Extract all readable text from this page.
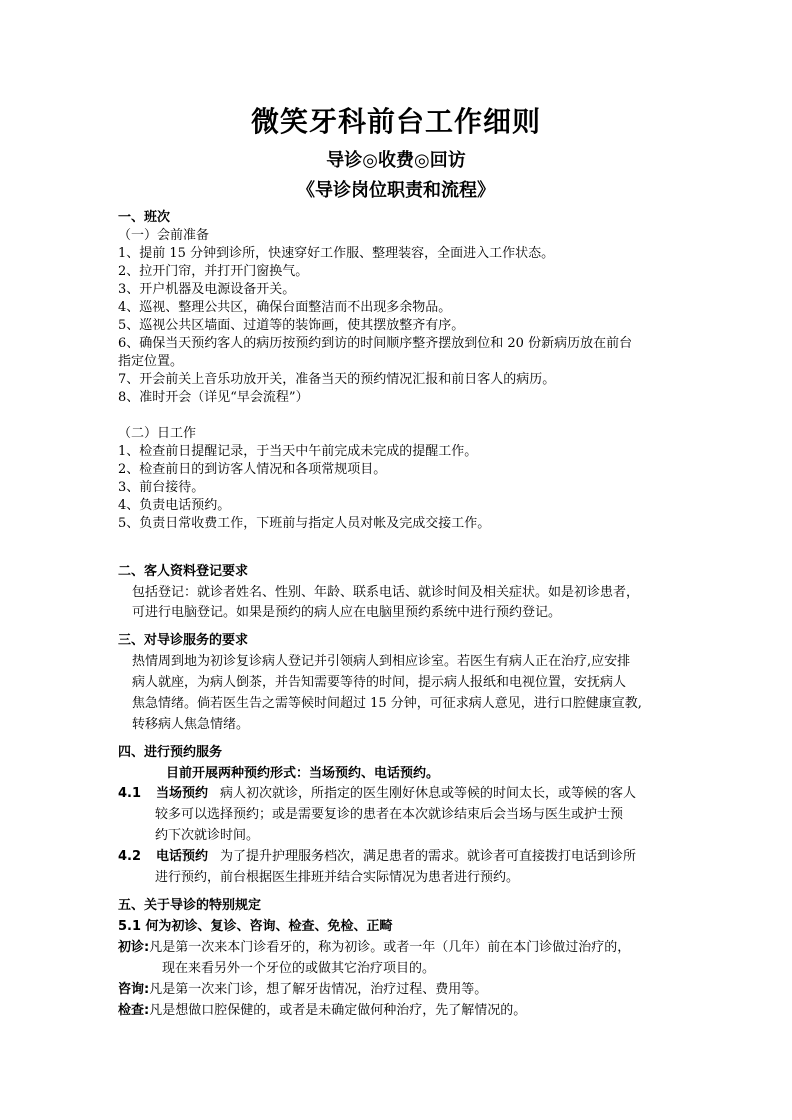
微笑牙科前台工作细则
导诊◎收费◎回访
《导诊岗位职责和流程》
一、班次
（一）会前准备
1、提前 15 分钟到诊所，快速穿好工作服、整理装容，全面进入工作状态。
2、拉开门帘，并打开门窗换气。
3、开户机器及电源设备开关。
4、巡视、整理公共区，确保台面整洁而不出现多余物品。
5、巡视公共区墙面、过道等的装饰画，使其摆放整齐有序。
6、确保当天预约客人的病历按预约到访的时间顺序整齐摆放到位和 20 份新病历放在前台
指定位置。
7、开会前关上音乐功放开关，准备当天的预约情况汇报和前日客人的病历。
8、准时开会（详见“早会流程”）
（二）日工作
1、检查前日提醒记录，于当天中午前完成未完成的提醒工作。
2、检查前日的到访客人情况和各项常规项目。
3、前台接待。
4、负责电话预约。
5、负责日常收费工作，下班前与指定人员对帐及完成交接工作。
二、客人资料登记要求
包括登记：就诊者姓名、性别、年龄、联系电话、就诊时间及相关症状。如是初诊患者，
可进行电脑登记。如果是预约的病人应在电脑里预约系统中进行预约登记。
三、对导诊服务的要求
热情周到地为初诊复诊病人登记并引领病人到相应诊室。若医生有病人正在治疗,应安排
病人就座，为病人倒茶，并告知需要等待的时间，提示病人报纸和电视位置，安抚病人
焦急情绪。倘若医生告之需等候时间超过 15 分钟，可征求病人意见，进行口腔健康宣教,
转移病人焦急情绪。
四、进行预约服务
目前开展两种预约形式：当场预约、电话预约。
4.1 当场预约 病人初次就诊，所指定的医生刚好休息或等候的时间太长，或等候的客人
较多可以选择预约；或是需要复诊的患者在本次就诊结束后会当场与医生或护士预
约下次就诊时间。
4.2 电话预约 为了提升护理服务档次，满足患者的需求。就诊者可直接拨打电话到诊所
进行预约，前台根据医生排班并结合实际情况为患者进行预约。
五、关于导诊的特别规定
5.1 何为初诊、复诊、咨询、检查、免检、正畸
初诊:凡是第一次来本门诊看牙的，称为初诊。或者一年（几年）前在本门诊做过治疗的，
现在来看另外一个牙位的或做其它治疗项目的。
咨询:凡是第一次来门诊，想了解牙齿情况，治疗过程、费用等。
检查:凡是想做口腔保健的，或者是未确定做何种治疗，先了解情况的。
